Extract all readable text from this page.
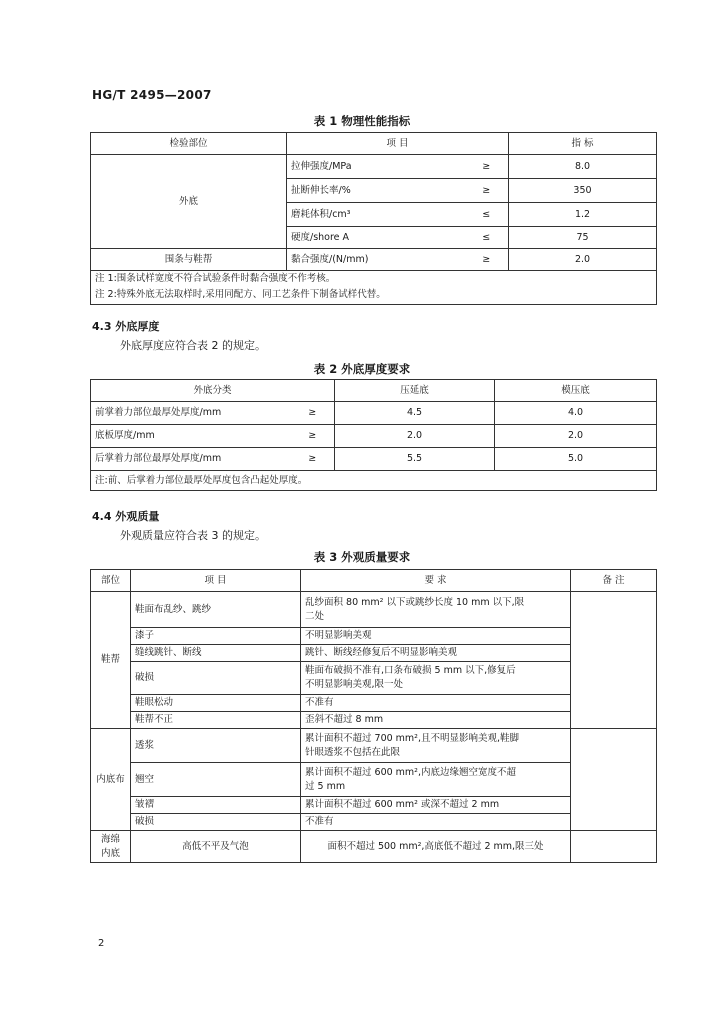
HG/T 2495—2007
表 1 物理性能指标
检验部位	项 目		指 标
外底	拉伸强度/MPa	≥	8.0
	扯断伸长率/%	≥	350
	磨耗体积/cm³	≤	1.2
	硬度/shore A	≤	75
围条与鞋帮	黏合强度/(N/mm)	≥	2.0
注 1:围条试样宽度不符合试验条件时黏合强度不作考核。			
注 2:特殊外底无法取样时,采用同配方、同工艺条件下制备试样代替。			
4.3 外底厚度
外底厚度应符合表 2 的规定。
表 2 外底厚度要求
外底分类		压延底	模压底
前掌着力部位最厚处厚度/mm	≥	4.5	4.0
底板厚度/mm	≥	2.0	2.0
后掌着力部位最厚处厚度/mm	≥	5.5	5.0
注:前、后掌着力部位最厚处厚度包含凸起处厚度。			
4.4 外观质量
外观质量应符合表 3 的规定。
表 3 外观质量要求
部位	项 目	要 求	备 注
鞋帮	鞋面布乱纱、跳纱	乱纱面积 80 mm² 以下或跳纱长度 10 mm 以下,限
二处	

	漆子	不明显影响美观	
	缝线跳针、断线	跳针、断线经修复后不明显影响美观	
	破损	鞋面布破损不准有,口条布破损 5 mm 以下,修复后
不明显影响美观,限一处	

	鞋眼松动	不准有	
	鞋帮不正	歪斜不超过 8 mm	
内底布	透浆	累计面积不超过 700 mm²,且不明显影响美观,鞋脚
针眼透浆不包括在此限	

	翘空	累计面积不超过 600 mm²,内底边缘翘空宽度不超
过 5 mm	

	皱褶	累计面积不超过 600 mm² 或深不超过 2 mm	
	破损	不准有	

海绵
内底	高低不平及气泡	面积不超过 500 mm²,高底低不超过 2 mm,限三处	
2
